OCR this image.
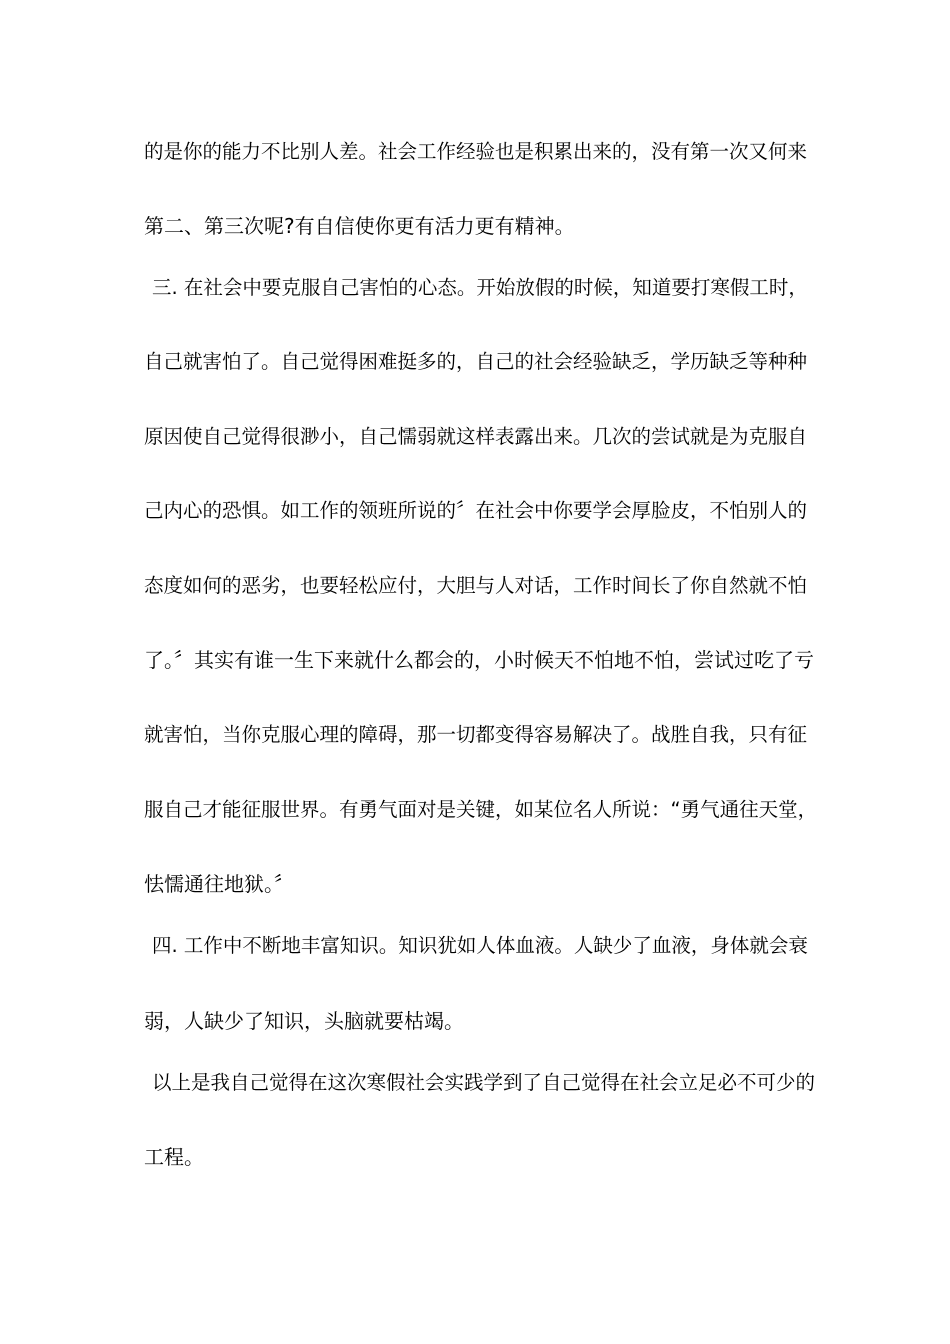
的是你的能力不比别人差。社会工作经验也是积累出来的，没有第一次又何来
第二、第三次呢?有自信使你更有活力更有精神。
三. 在社会中要克服自己害怕的心态。开始放假的时候，知道要打寒假工时，
自己就害怕了。自己觉得困难挺多的，自己的社会经验缺乏，学历缺乏等种种
原因使自己觉得很渺小，自己懦弱就这样表露出来。几次的尝试就是为克服自
己内心的恐惧。如工作的领班所说的〞在社会中你要学会厚脸皮，不怕别人的
态度如何的恶劣，也要轻松应付，大胆与人对话，工作时间长了你自然就不怕
了。〞其实有谁一生下来就什么都会的，小时候天不怕地不怕，尝试过吃了亏
就害怕，当你克服心理的障碍，那一切都变得容易解决了。战胜自我，只有征
服自己才能征服世界。有勇气面对是关键，如某位名人所说：“勇气通往天堂，
怯懦通往地狱。〞
四. 工作中不断地丰富知识。知识犹如人体血液。人缺少了血液，身体就会衰
弱，人缺少了知识，头脑就要枯竭。
以上是我自己觉得在这次寒假社会实践学到了自己觉得在社会立足必不可少的
工程。
